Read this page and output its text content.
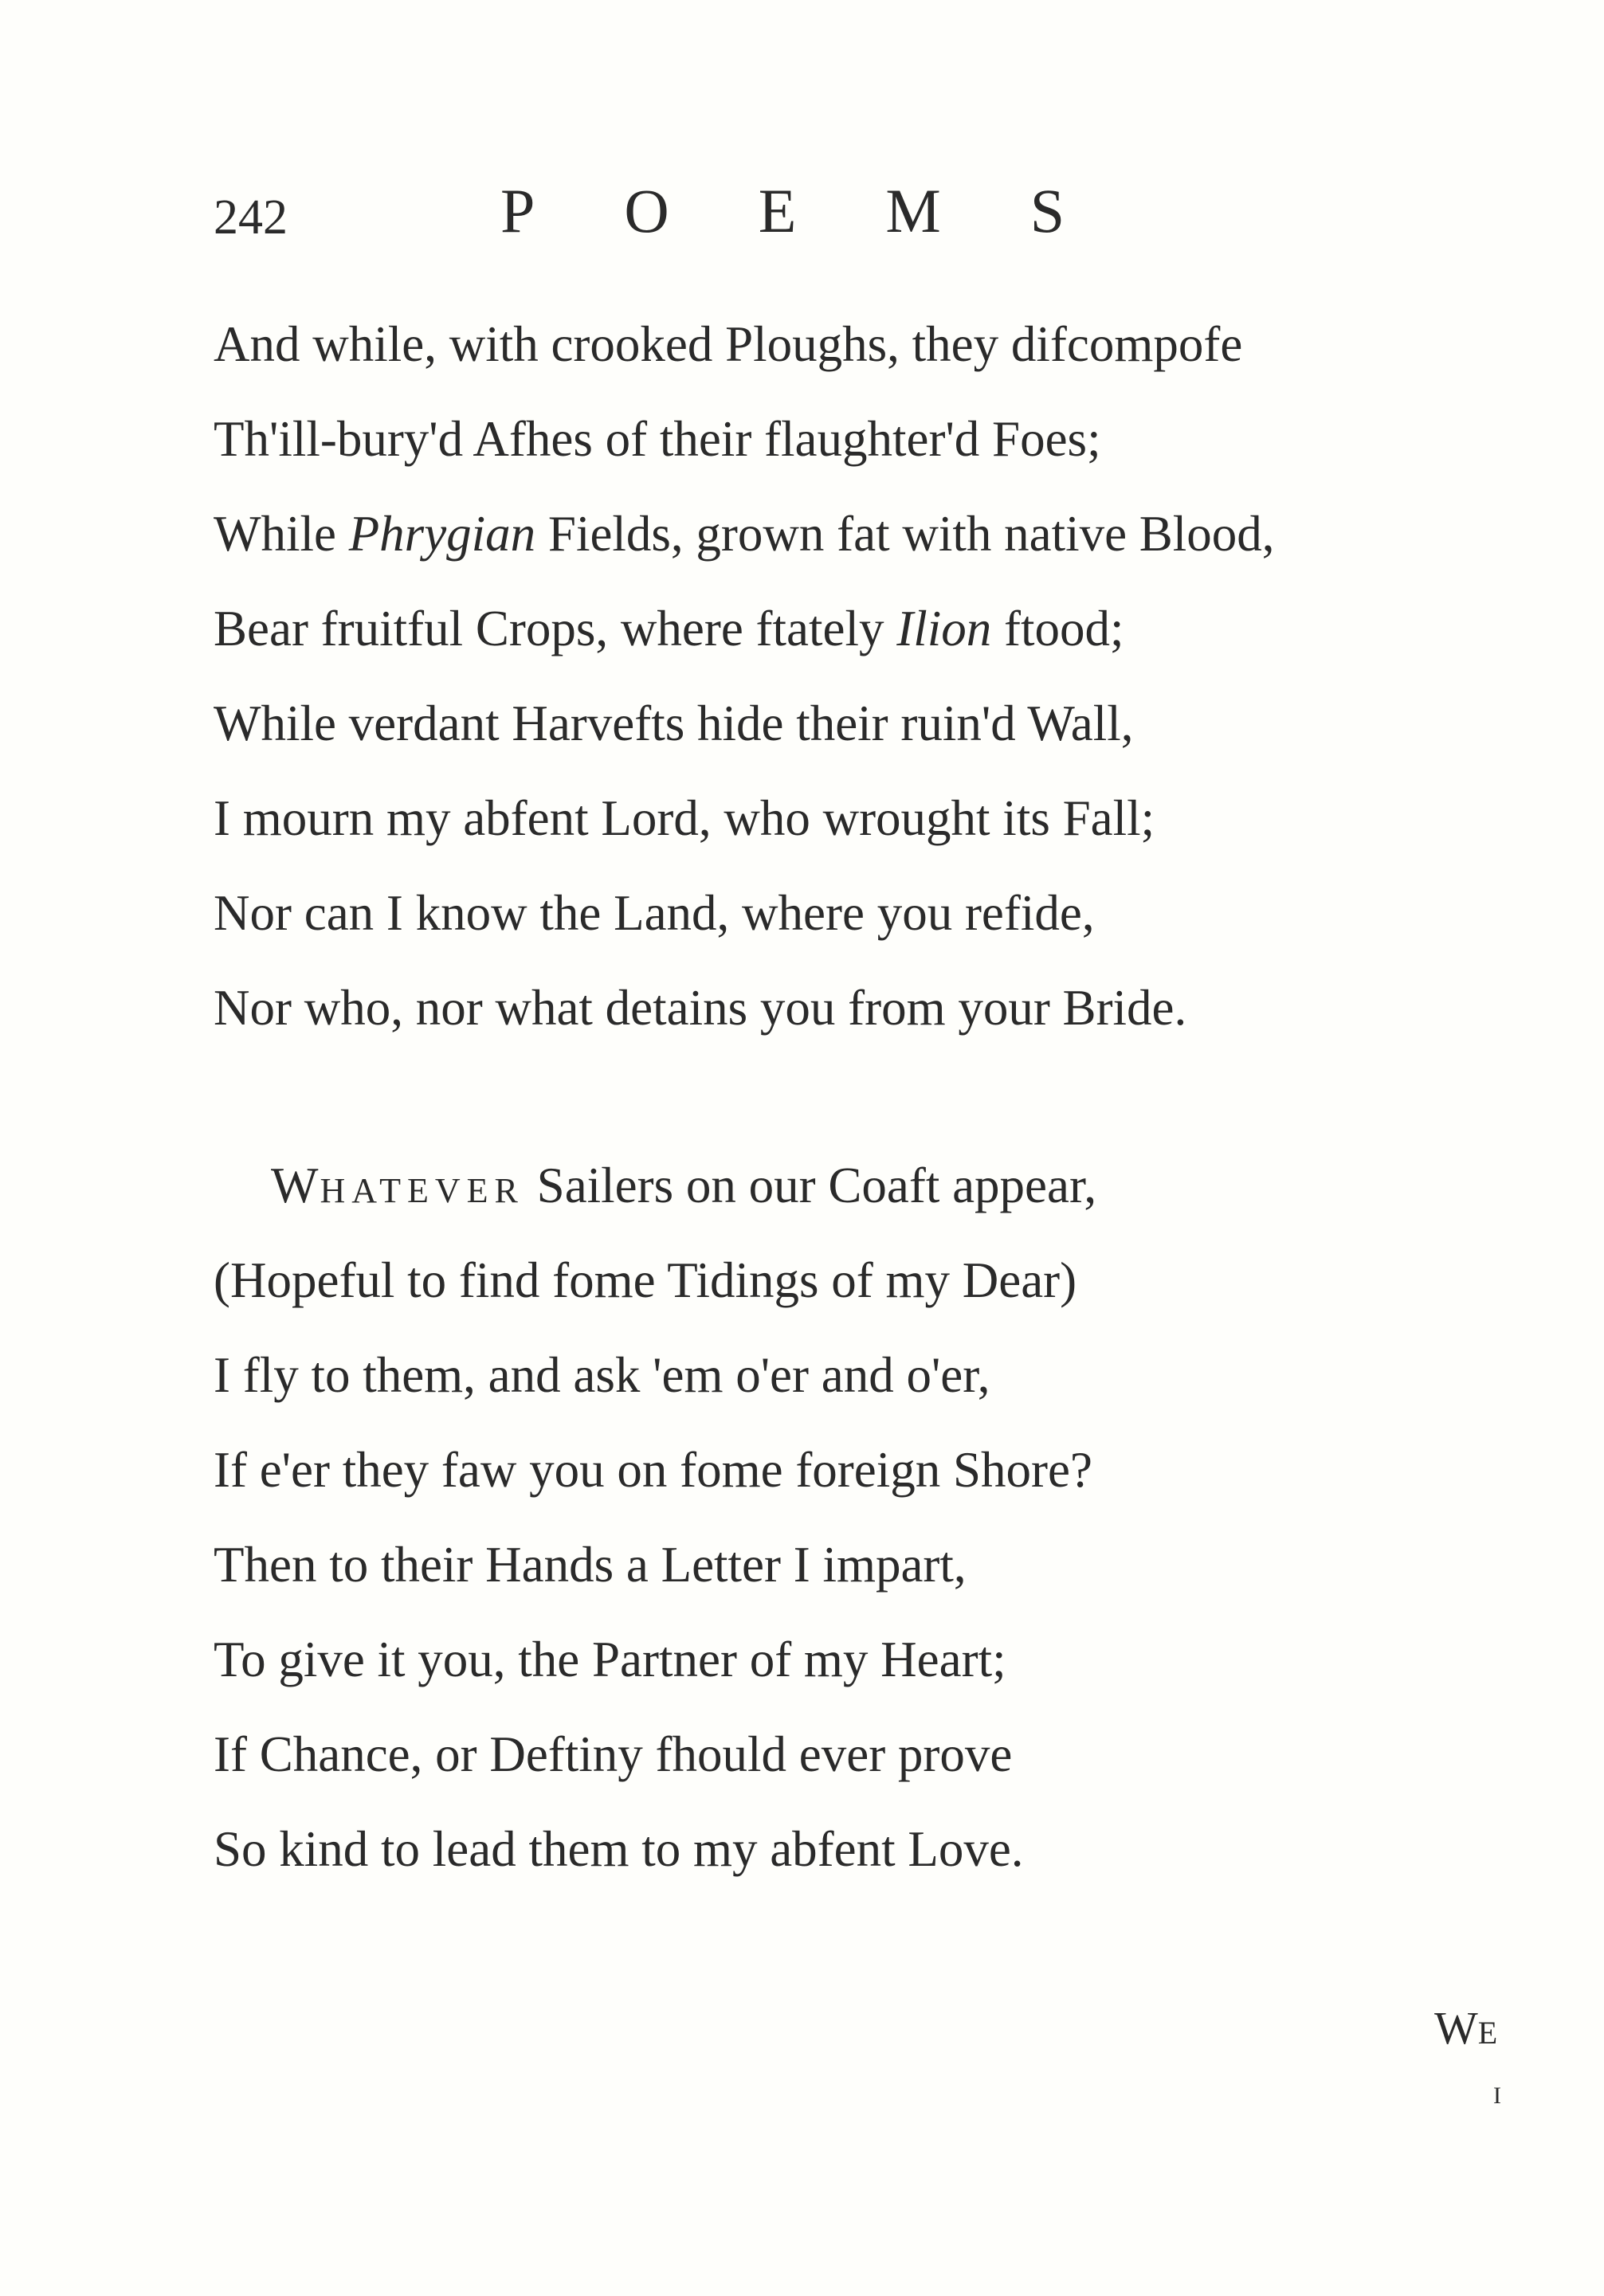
242	POEMS
And while, with crooked Ploughs, they difcompofe
Th'ill-bury'd Afhes of their flaughter'd Foes;
While Phrygian Fields, grown fat with native Blood,
Bear fruitful Crops, where ftately Ilion ftood;
While verdant Harvefts hide their ruin'd Wall,
I mourn my abfent Lord, who wrought its Fall;
Nor can I know the Land, where you refide,
Nor who, nor what detains you from your Bride.
WHATEVER Sailers on our Coaft appear,
(Hopeful to find fome Tidings of my Dear)
I fly to them, and ask 'em o'er and o'er,
If e'er they faw you on fome foreign Shore?
Then to their Hands a Letter I impart,
To give it you, the Partner of my Heart;
If Chance, or Deftiny fhould ever prove
So kind to lead them to my abfent Love.
WE
I
